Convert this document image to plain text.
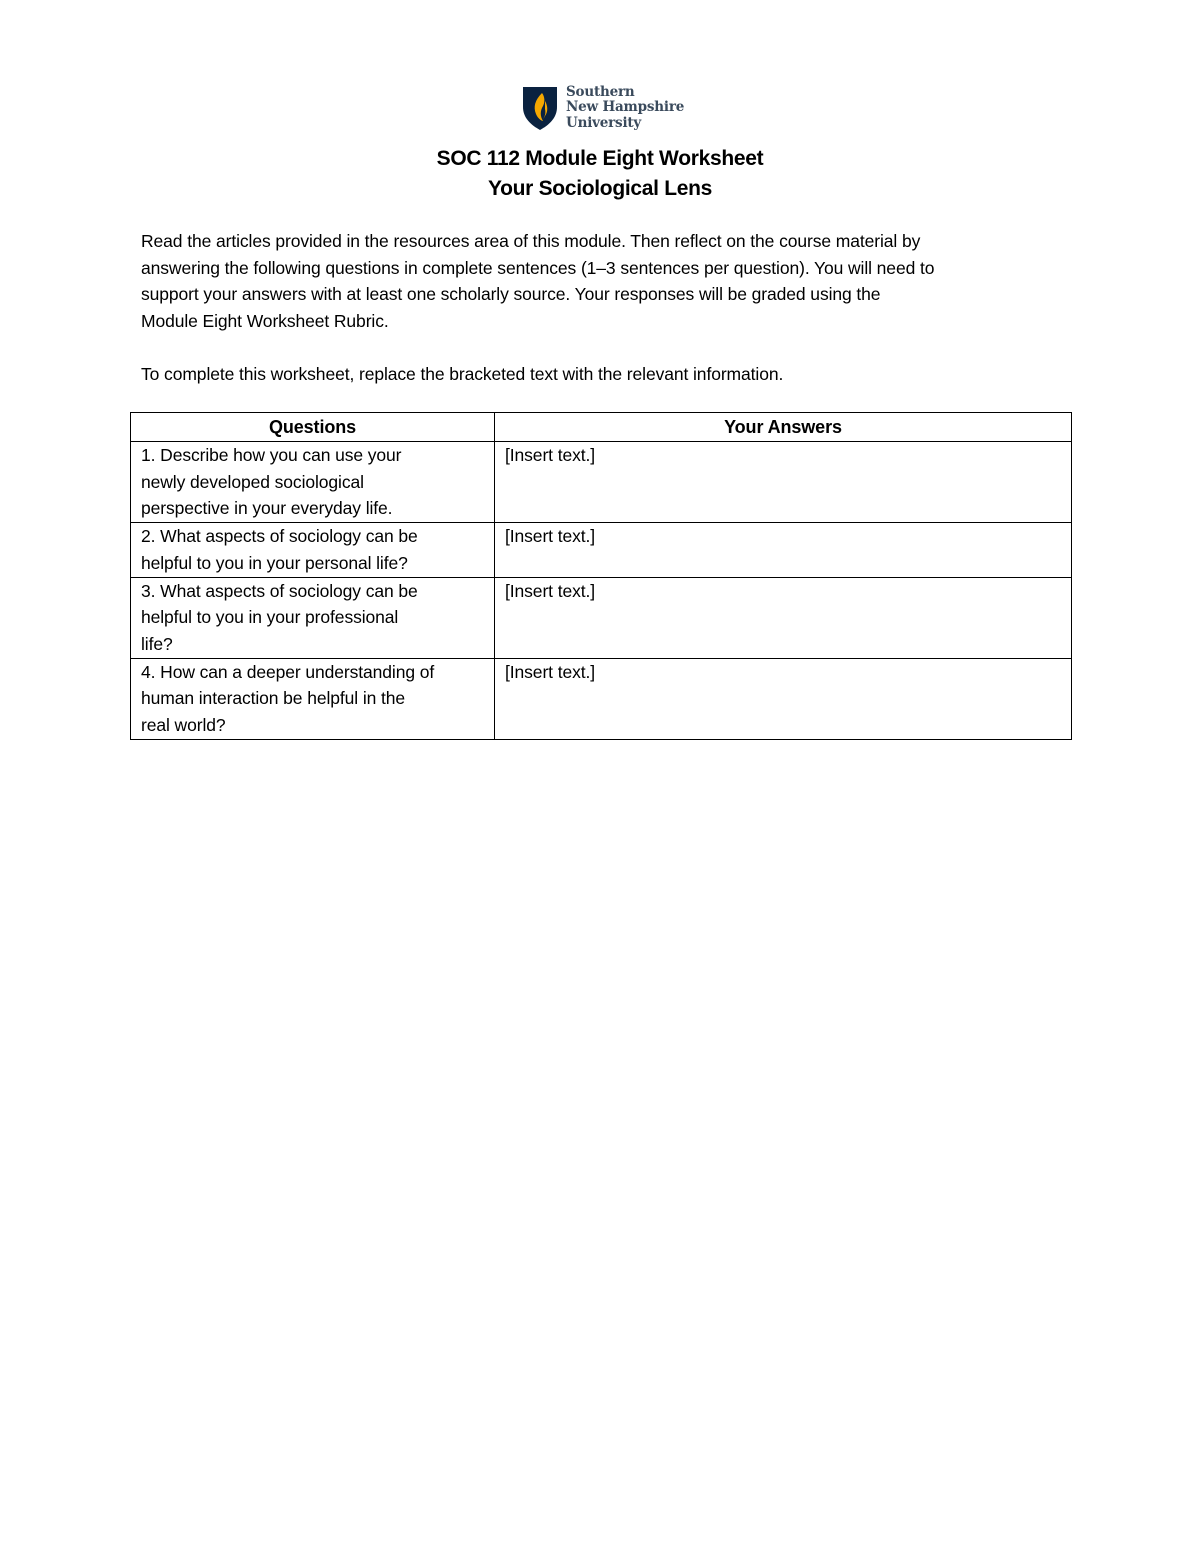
Southern
New Hampshire
University
SOC 112 Module Eight Worksheet
Your Sociological Lens
Read the articles provided in the resources area of this module. Then reflect on the course material by
answering the following questions in complete sentences (1–3 sentences per question). You will need to
support your answers with at least one scholarly source. Your responses will be graded using the
Module Eight Worksheet Rubric.
To complete this worksheet, replace the bracketed text with the relevant information.
Questions	Your Answers

1. Describe how you can use your
newly developed sociological
perspective in your everyday life.	[Insert text.]

2. What aspects of sociology can be
helpful to you in your personal life?	[Insert text.]

3. What aspects of sociology can be
helpful to you in your professional
life?	[Insert text.]

4. How can a deeper understanding of
human interaction be helpful in the
real world?	[Insert text.]
